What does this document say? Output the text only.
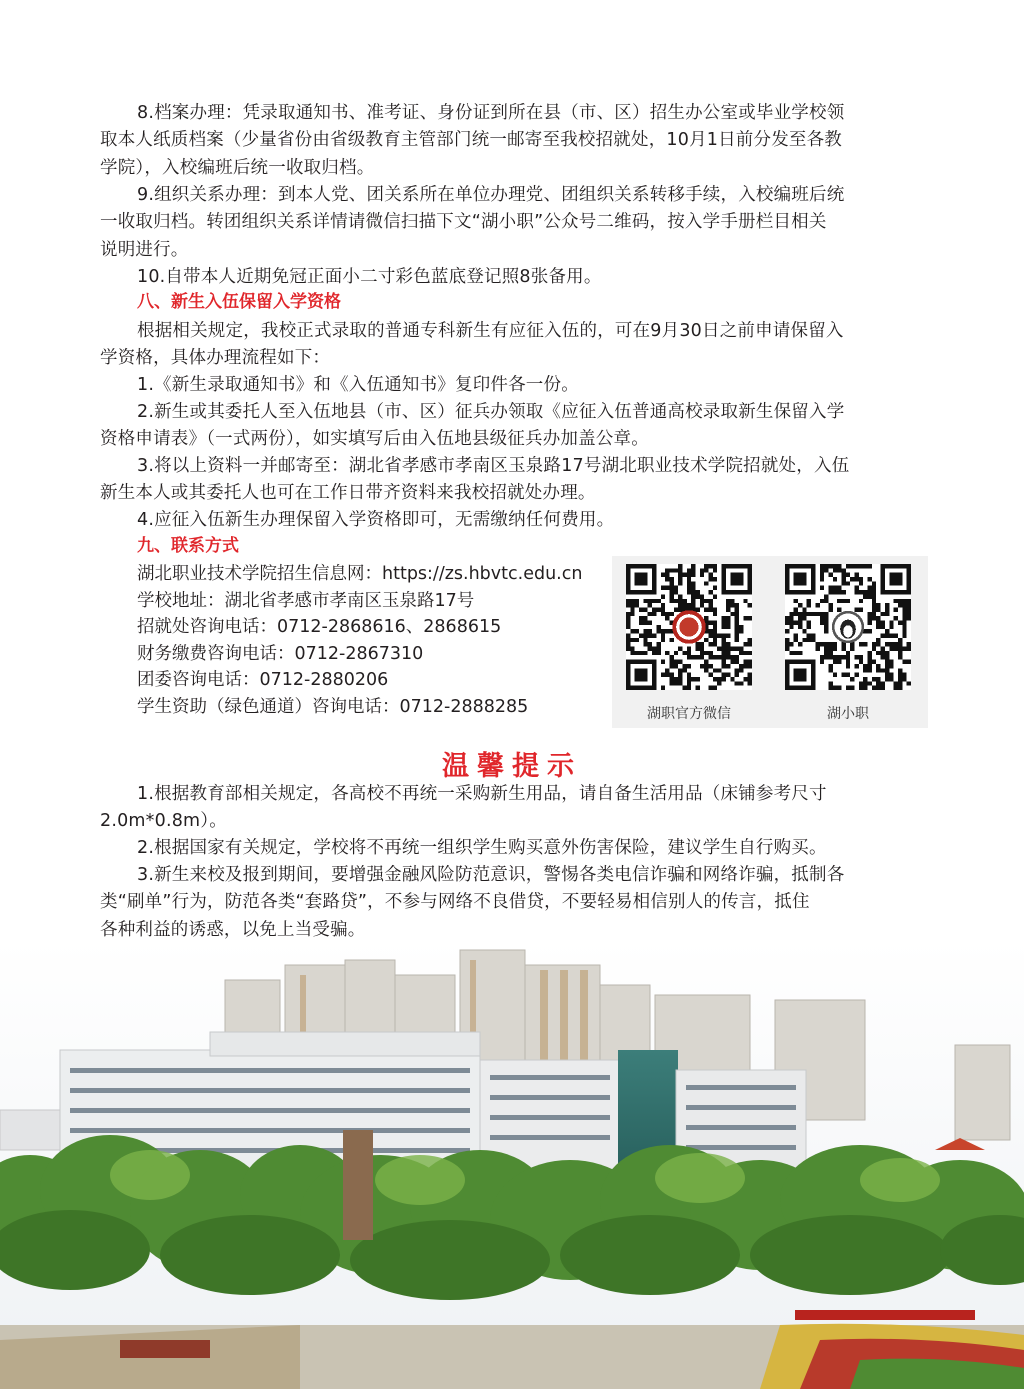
8.档案办理：凭录取通知书、准考证、身份证到所在县（市、区）招生办公室或毕业学校领
取本人纸质档案（少量省份由省级教育主管部门统一邮寄至我校招就处，10月1日前分发至各教
学院），入校编班后统一收取归档。
9.组织关系办理：到本人党、团关系所在单位办理党、团组织关系转移手续，入校编班后统
一收取归档。转团组织关系详情请微信扫描下文“湖小职”公众号二维码，按入学手册栏目相关
说明进行。
10.自带本人近期免冠正面小二寸彩色蓝底登记照8张备用。
八、新生入伍保留入学资格
根据相关规定，我校正式录取的普通专科新生有应征入伍的，可在9月30日之前申请保留入
学资格，具体办理流程如下：
1.《新生录取通知书》和《入伍通知书》复印件各一份。
2.新生或其委托人至入伍地县（市、区）征兵办领取《应征入伍普通高校录取新生保留入学
资格申请表》（一式两份），如实填写后由入伍地县级征兵办加盖公章。
3.将以上资料一并邮寄至：湖北省孝感市孝南区玉泉路17号湖北职业技术学院招就处，入伍
新生本人或其委托人也可在工作日带齐资料来我校招就处办理。
4.应征入伍新生办理保留入学资格即可，无需缴纳任何费用。
九、联系方式
湖北职业技术学院招生信息网：https://zs.hbvtc.edu.cn
学校地址：湖北省孝感市孝南区玉泉路17号
招就处咨询电话：0712-2868616、2868615
财务缴费咨询电话：0712-2867310
团委咨询电话：0712-2880206
学生资助（绿色通道）咨询电话：0712-2888285	湖职官方微信	湖小职
温馨提示
1.根据教育部相关规定，各高校不再统一采购新生用品，请自备生活用品（床铺参考尺寸
2.0m*0.8m）。
2.根据国家有关规定，学校将不再统一组织学生购买意外伤害保险，建议学生自行购买。
3.新生来校及报到期间，要增强金融风险防范意识，警惕各类电信诈骗和网络诈骗，抵制各
类“刷单”行为，防范各类“套路贷”，不参与网络不良借贷，不要轻易相信别人的传言，抵住
各种利益的诱惑，以免上当受骗。
